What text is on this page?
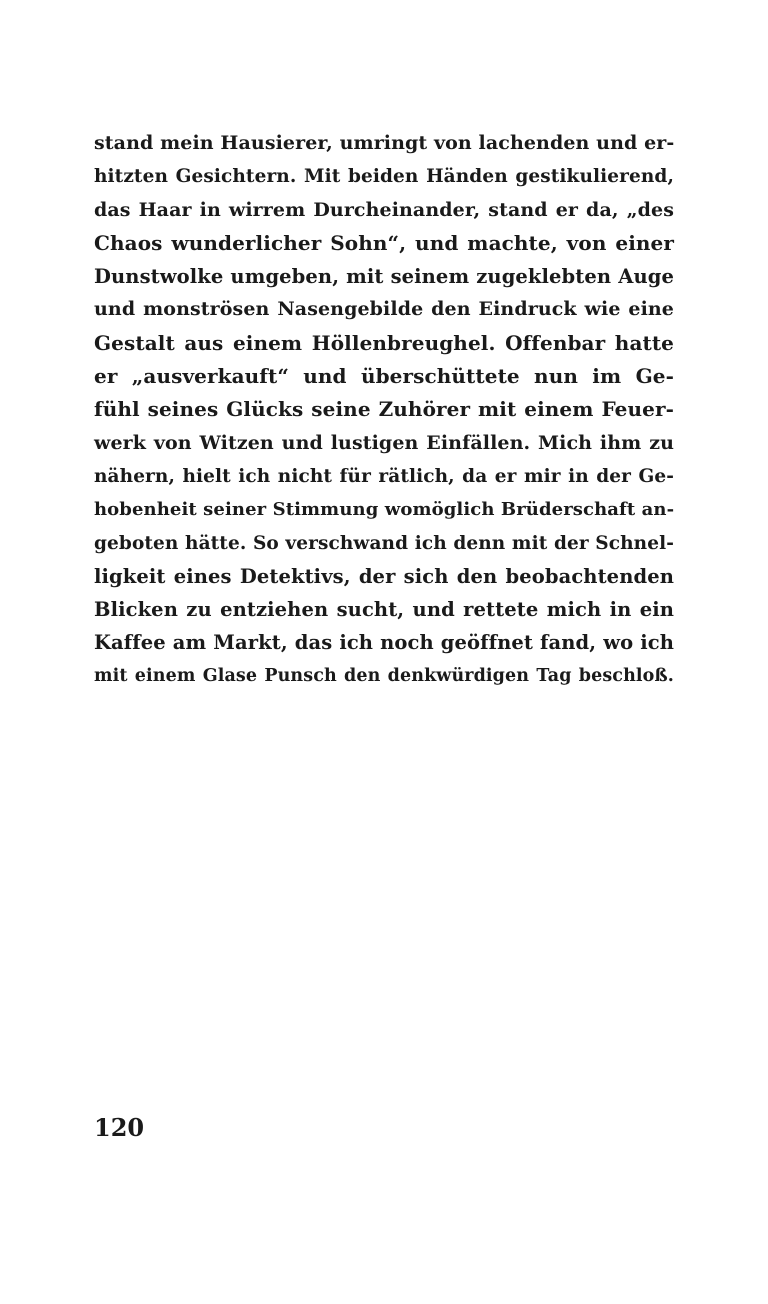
stand mein Hausierer, umringt von lachenden und er-
hitzten Gesichtern. Mit beiden Händen gestikulierend,
das Haar in wirrem Durcheinander, stand er da, „des
Chaos wunderlicher Sohn“, und machte, von einer
Dunstwolke umgeben, mit seinem zugeklebten Auge
und monströsen Nasengebilde den Eindruck wie eine
Gestalt aus einem Höllenbreughel. Offenbar hatte
er „ausverkauft“ und überschüttete nun im Ge-
fühl seines Glücks seine Zuhörer mit einem Feuer-
werk von Witzen und lustigen Einfällen. Mich ihm zu
nähern, hielt ich nicht für rätlich, da er mir in der Ge-
hobenheit seiner Stimmung womöglich Brüderschaft an-
geboten hätte. So verschwand ich denn mit der Schnel-
ligkeit eines Detektivs, der sich den beobachtenden
Blicken zu entziehen sucht, und rettete mich in ein
Kaffee am Markt, das ich noch geöffnet fand, wo ich
mit einem Glase Punsch den denkwürdigen Tag beschloß.
120
